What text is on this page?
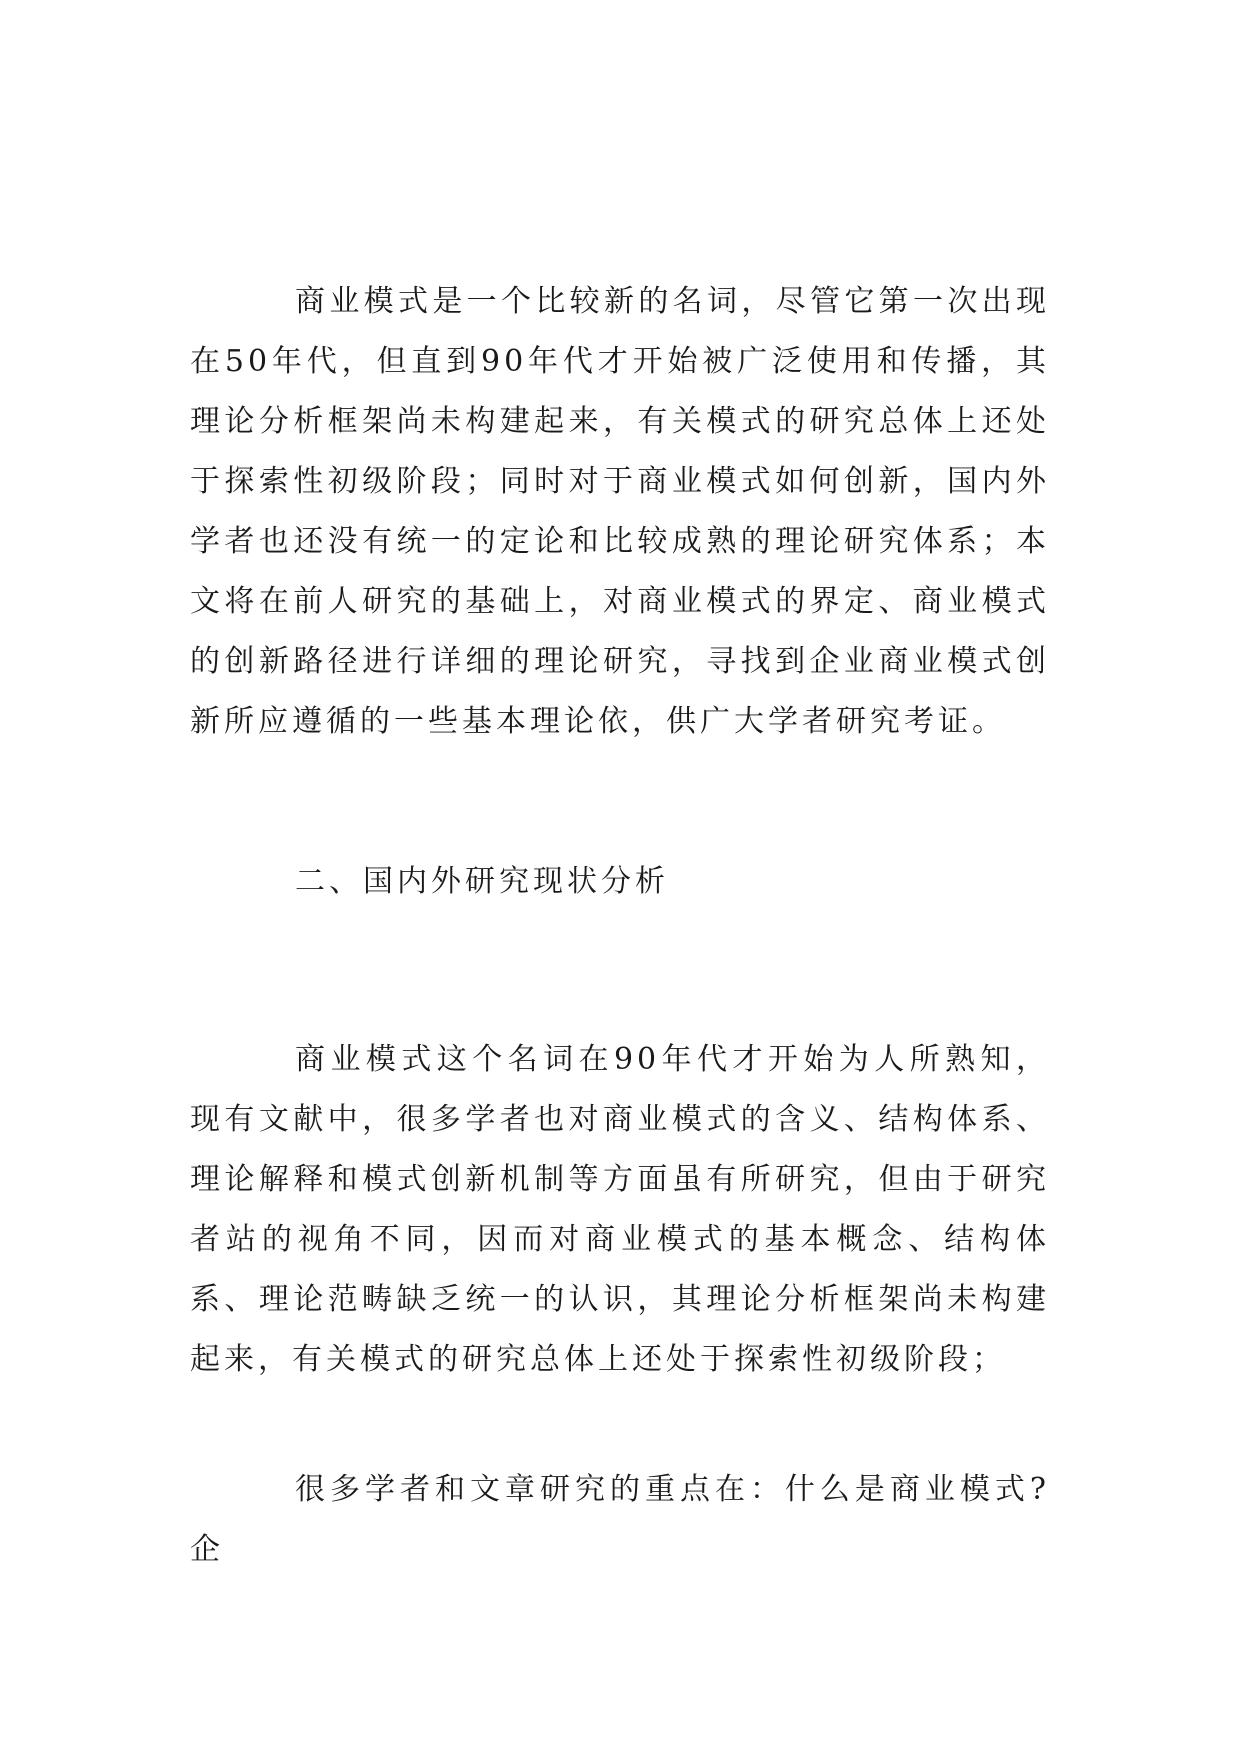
商业模式是一个比较新的名词，尽管它第一次出现在50年代，但直到90年代才开始被广泛使用和传播，其理论分析框架尚未构建起来，有关模式的研究总体上还处于探索性初级阶段；同时对于商业模式如何创新，国内外学者也还没有统一的定论和比较成熟的理论研究体系；本文将在前人研究的基础上，对商业模式的界定、商业模式的创新路径进行详细的理论研究，寻找到企业商业模式创新所应遵循的一些基本理论依，供广大学者研究考证。

二、国内外研究现状分析

商业模式这个名词在90年代才开始为人所熟知，现有文献中，很多学者也对商业模式的含义、结构体系、理论解释和模式创新机制等方面虽有所研究，但由于研究者站的视角不同，因而对商业模式的基本概念、结构体系、理论范畴缺乏统一的认识，其理论分析框架尚未构建起来，有关模式的研究总体上还处于探索性初级阶段；

很多学者和文章研究的重点在：什么是商业模式?企
